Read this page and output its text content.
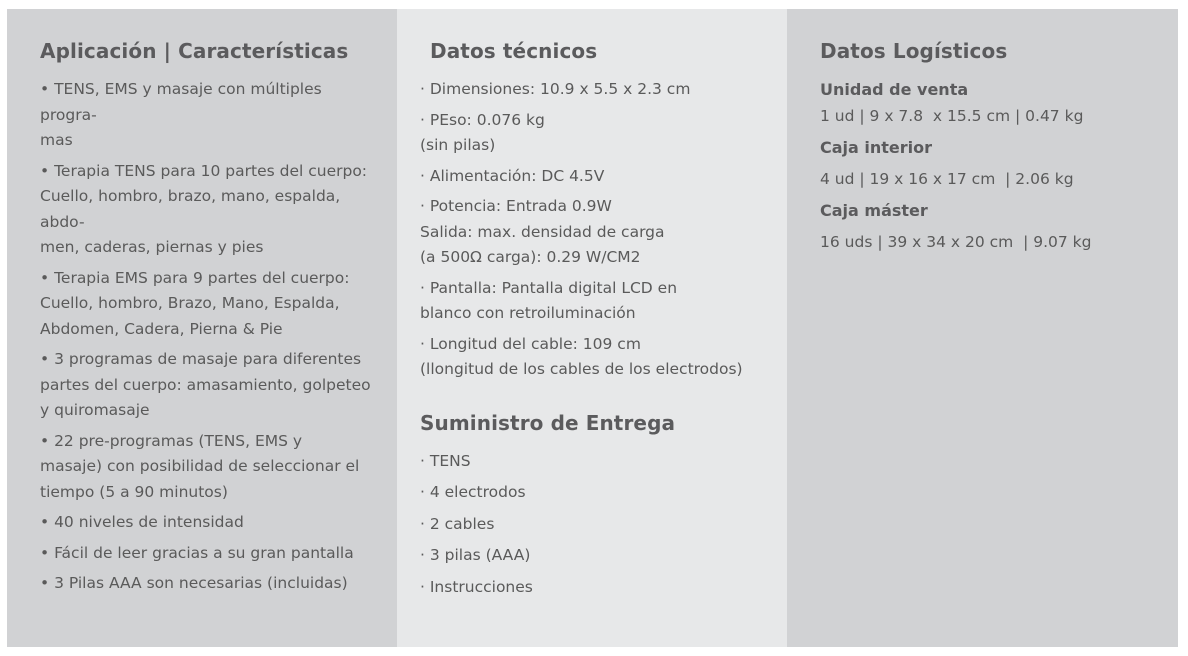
Aplicación | Características
• TENS, EMS y masaje con múltiples progra-
mas
• Terapia TENS para 10 partes del cuerpo:
Cuello, hombro, brazo, mano, espalda, abdo-
men, caderas, piernas y pies
• Terapia EMS para 9 partes del cuerpo:
Cuello, hombro, Brazo, Mano, Espalda,
Abdomen, Cadera, Pierna & Pie
• 3 programas de masaje para diferentes
partes del cuerpo: amasamiento, golpeteo
y quiromasaje
• 22 pre-programas (TENS, EMS y
masaje) con posibilidad de seleccionar el
tiempo (5 a 90 minutos)
• 40 niveles de intensidad
• Fácil de leer gracias a su gran pantalla
• 3 Pilas AAA son necesarias (incluidas)
Datos técnicos
· Dimensiones: 10.9 x 5.5 x 2.3 cm
· PEso: 0.076 kg
(sin pilas)
· Alimentación: DC 4.5V
· Potencia: Entrada 0.9W
Salida: max. densidad de carga
(a 500Ω carga): 0.29 W/CM2
· Pantalla: Pantalla digital LCD en
blanco con retroiluminación
· Longitud del cable: 109 cm
(llongitud de los cables de los electrodos)
Suministro de Entrega
· TENS
· 4 electrodos
· 2 cables
· 3 pilas (AAA)
· Instrucciones
Datos Logísticos

Unidad de venta

1 ud | 9 x 7.8  x 15.5 cm | 0.47 kg

Caja interior

4 ud | 19 x 16 x 17 cm  | 2.06 kg

Caja máster

16 uds | 39 x 34 x 20 cm  | 9.07 kg
